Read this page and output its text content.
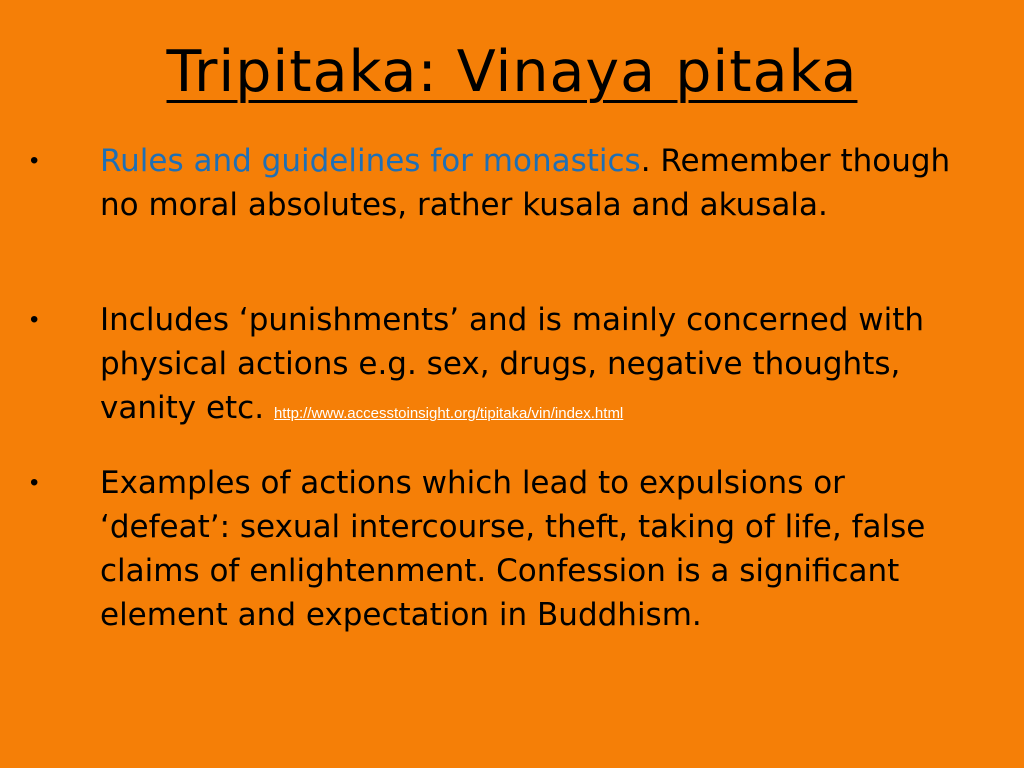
Tripitaka: Vinaya pitaka
• Rules and guidelines for monastics. Remember though no moral absolutes, rather kusala and akusala.
• Includes ‘punishments’ and is mainly concerned with physical actions e.g. sex, drugs, negative thoughts, vanity etc. http://www.accesstoinsight.org/tipitaka/vin/index.html
• Examples of actions which lead to expulsions or ‘defeat’: sexual intercourse, theft, taking of life, false claims of enlightenment. Confession is a significant element and expectation in Buddhism.
